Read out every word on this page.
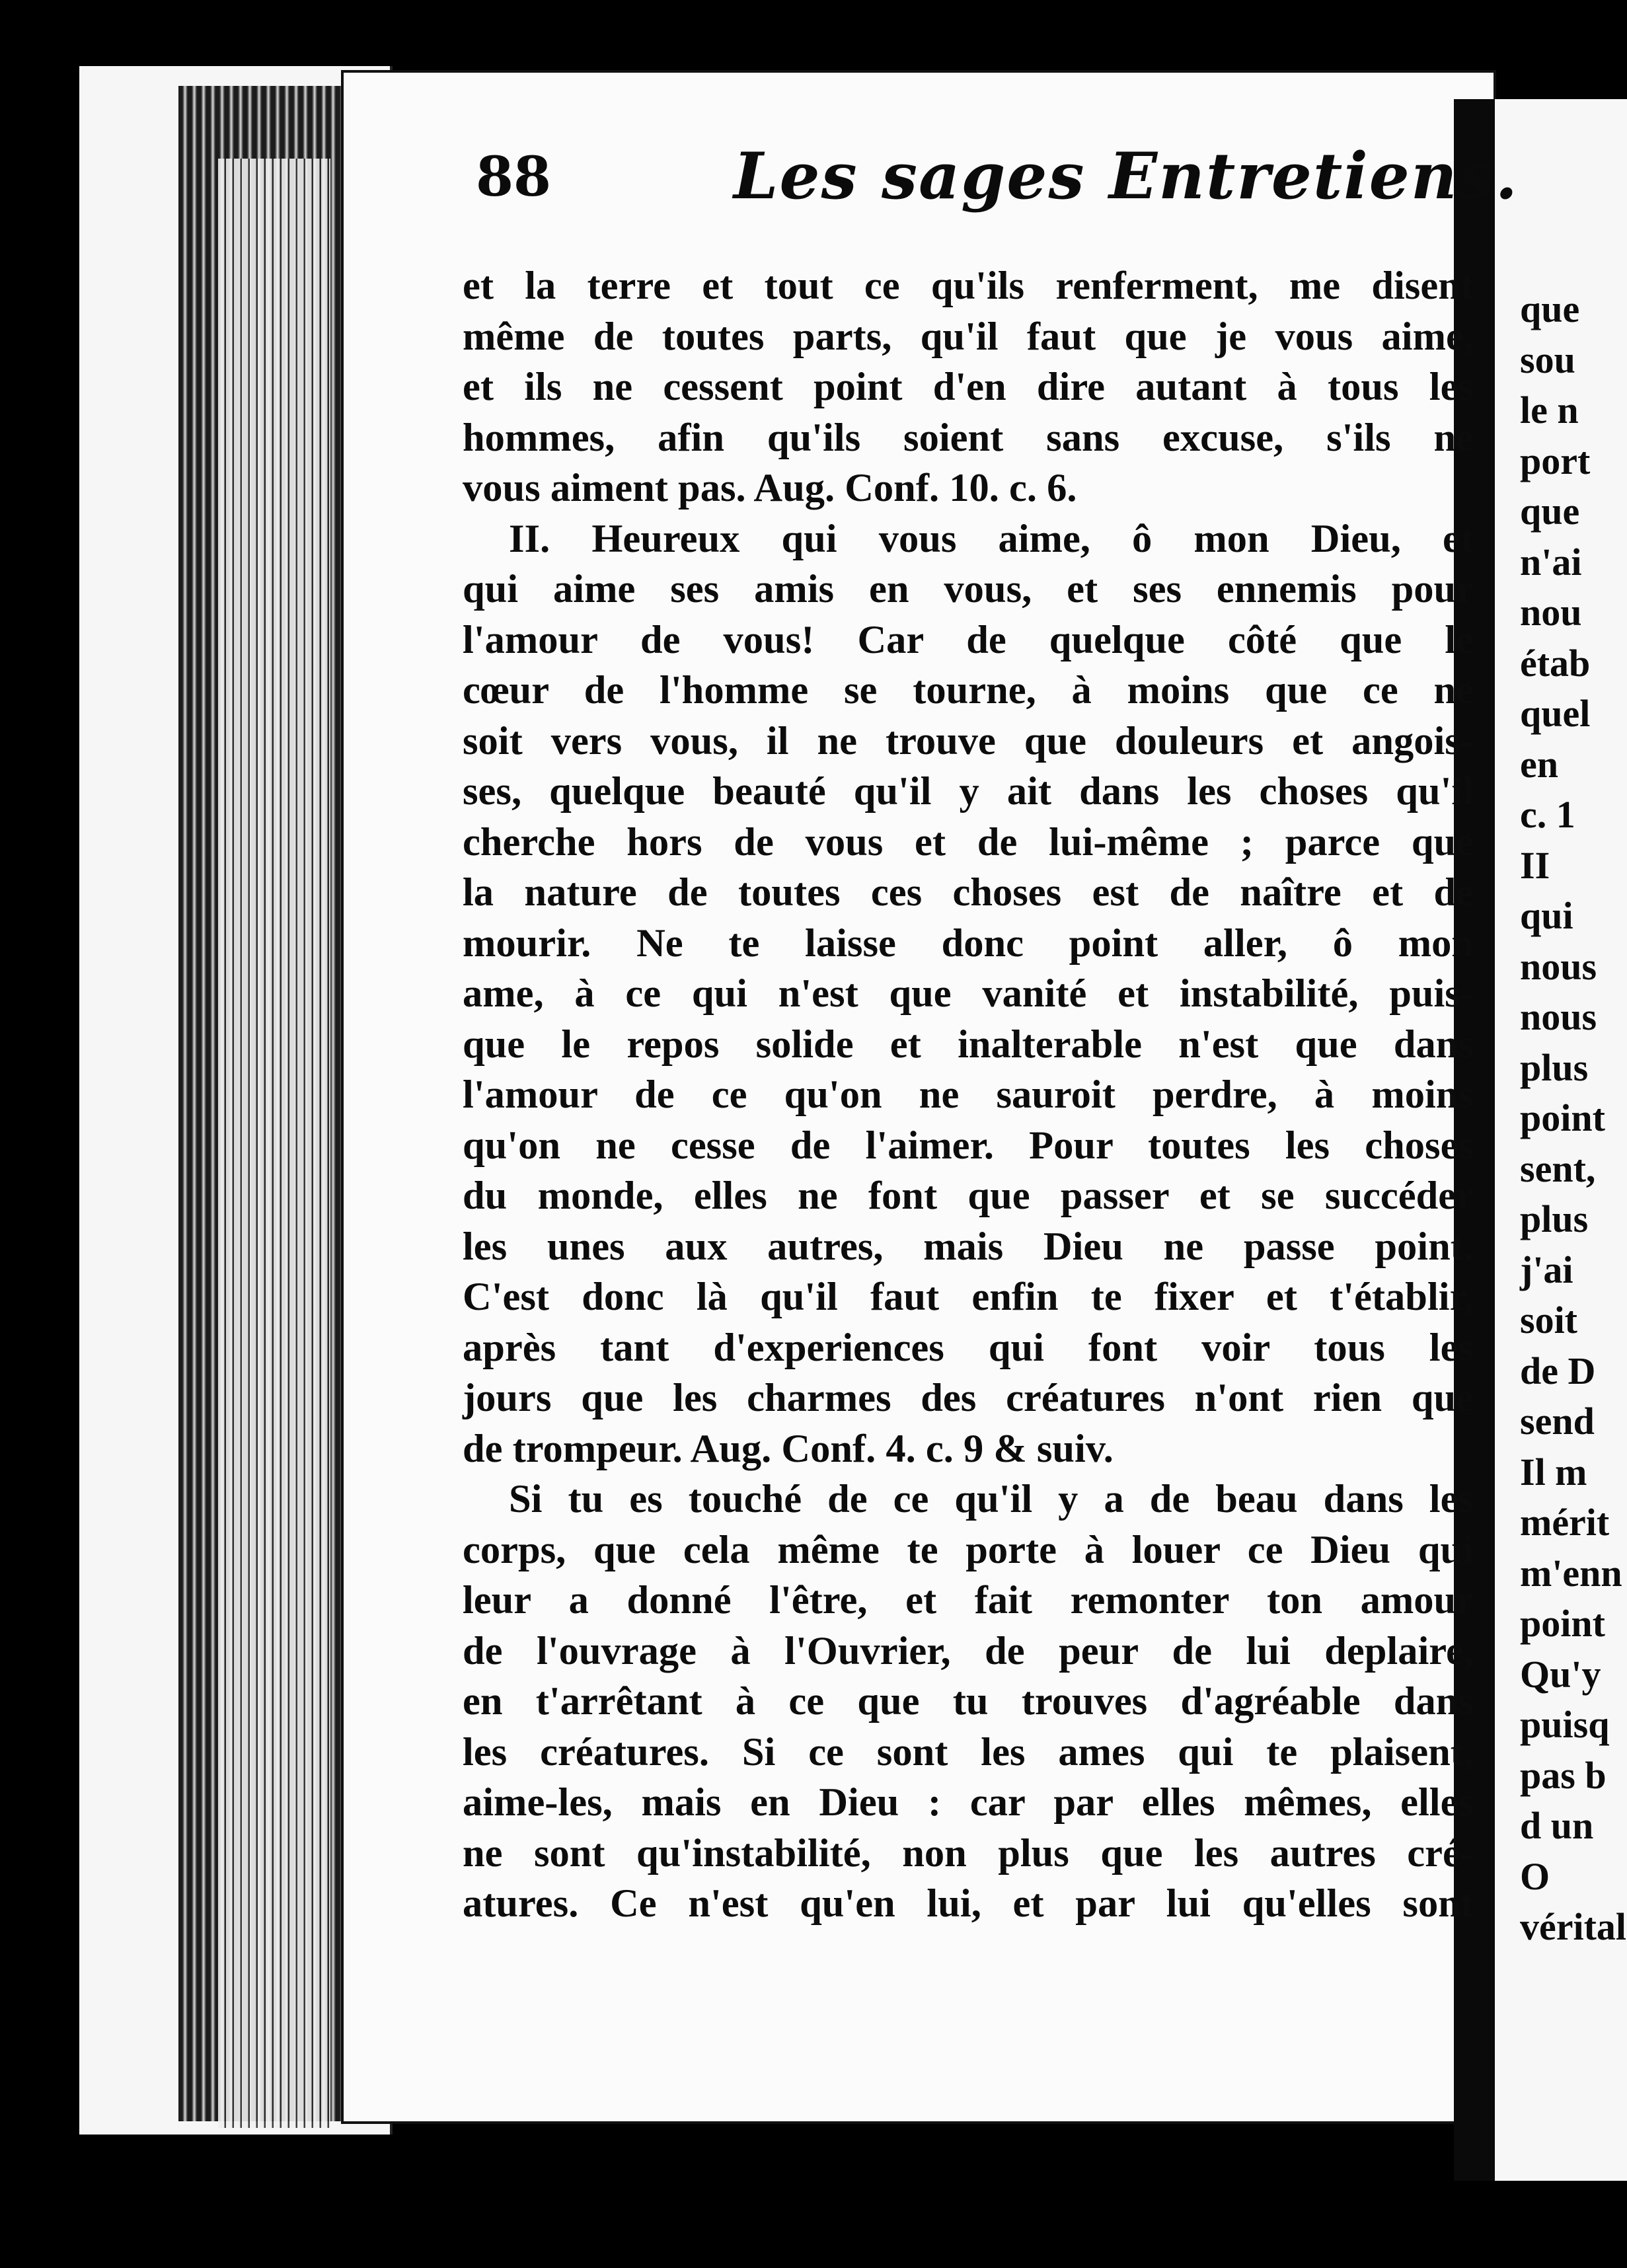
88	Les sages Entretiens.
et la terre et tout ce qu'ils renferment, me disent
même de toutes parts, qu'il faut que je vous aime,
et ils ne cessent point d'en dire autant à tous les
hommes, afin qu'ils soient sans excuse, s'ils ne
vous aiment pas. Aug. Conf. 10. c. 6.
II. Heureux qui vous aime, ô mon Dieu, et
qui aime ses amis en vous, et ses ennemis pour
l'amour de vous! Car de quelque côté que le
cœur de l'homme se tourne, à moins que ce ne
soit vers vous, il ne trouve que douleurs et angois-
ses, quelque beauté qu'il y ait dans les choses qu'il
cherche hors de vous et de lui-même ; parce que
la nature de toutes ces choses est de naître et de
mourir. Ne te laisse donc point aller, ô mon
ame, à ce qui n'est que vanité et instabilité, puis-
que le repos solide et inalterable n'est que dans
l'amour de ce qu'on ne sauroit perdre, à moins
qu'on ne cesse de l'aimer. Pour toutes les choses
du monde, elles ne font que passer et se succéder
les unes aux autres, mais Dieu ne passe point.
C'est donc là qu'il faut enfin te fixer et t'établir,
après tant d'experiences qui font voir tous les
jours que les charmes des créatures n'ont rien que
de trompeur. Aug. Conf. 4. c. 9 & suiv.
Si tu es touché de ce qu'il y a de beau dans les
corps, que cela même te porte à louer ce Dieu qui
leur a donné l'être, et fait remonter ton amour
de l'ouvrage à l'Ouvrier, de peur de lui deplaire,
en t'arrêtant à ce que tu trouves d'agréable dans
les créatures. Si ce sont les ames qui te plaisent,
aime-les, mais en Dieu : car par elles mêmes, elles
ne sont qu'instabilité, non plus que les autres cré-
atures. Ce n'est qu'en lui, et par lui qu'elles sont
que
sou
le n
port
que
n'ai
nou
étab
quel
en
c. 1
II
qui
nous
nous
plus
point
sent,
plus
j'ai
soit
de D
send
Il m
mérit
m'enn
point
Qu'y
puisq
pas b
d un
O
vérital
